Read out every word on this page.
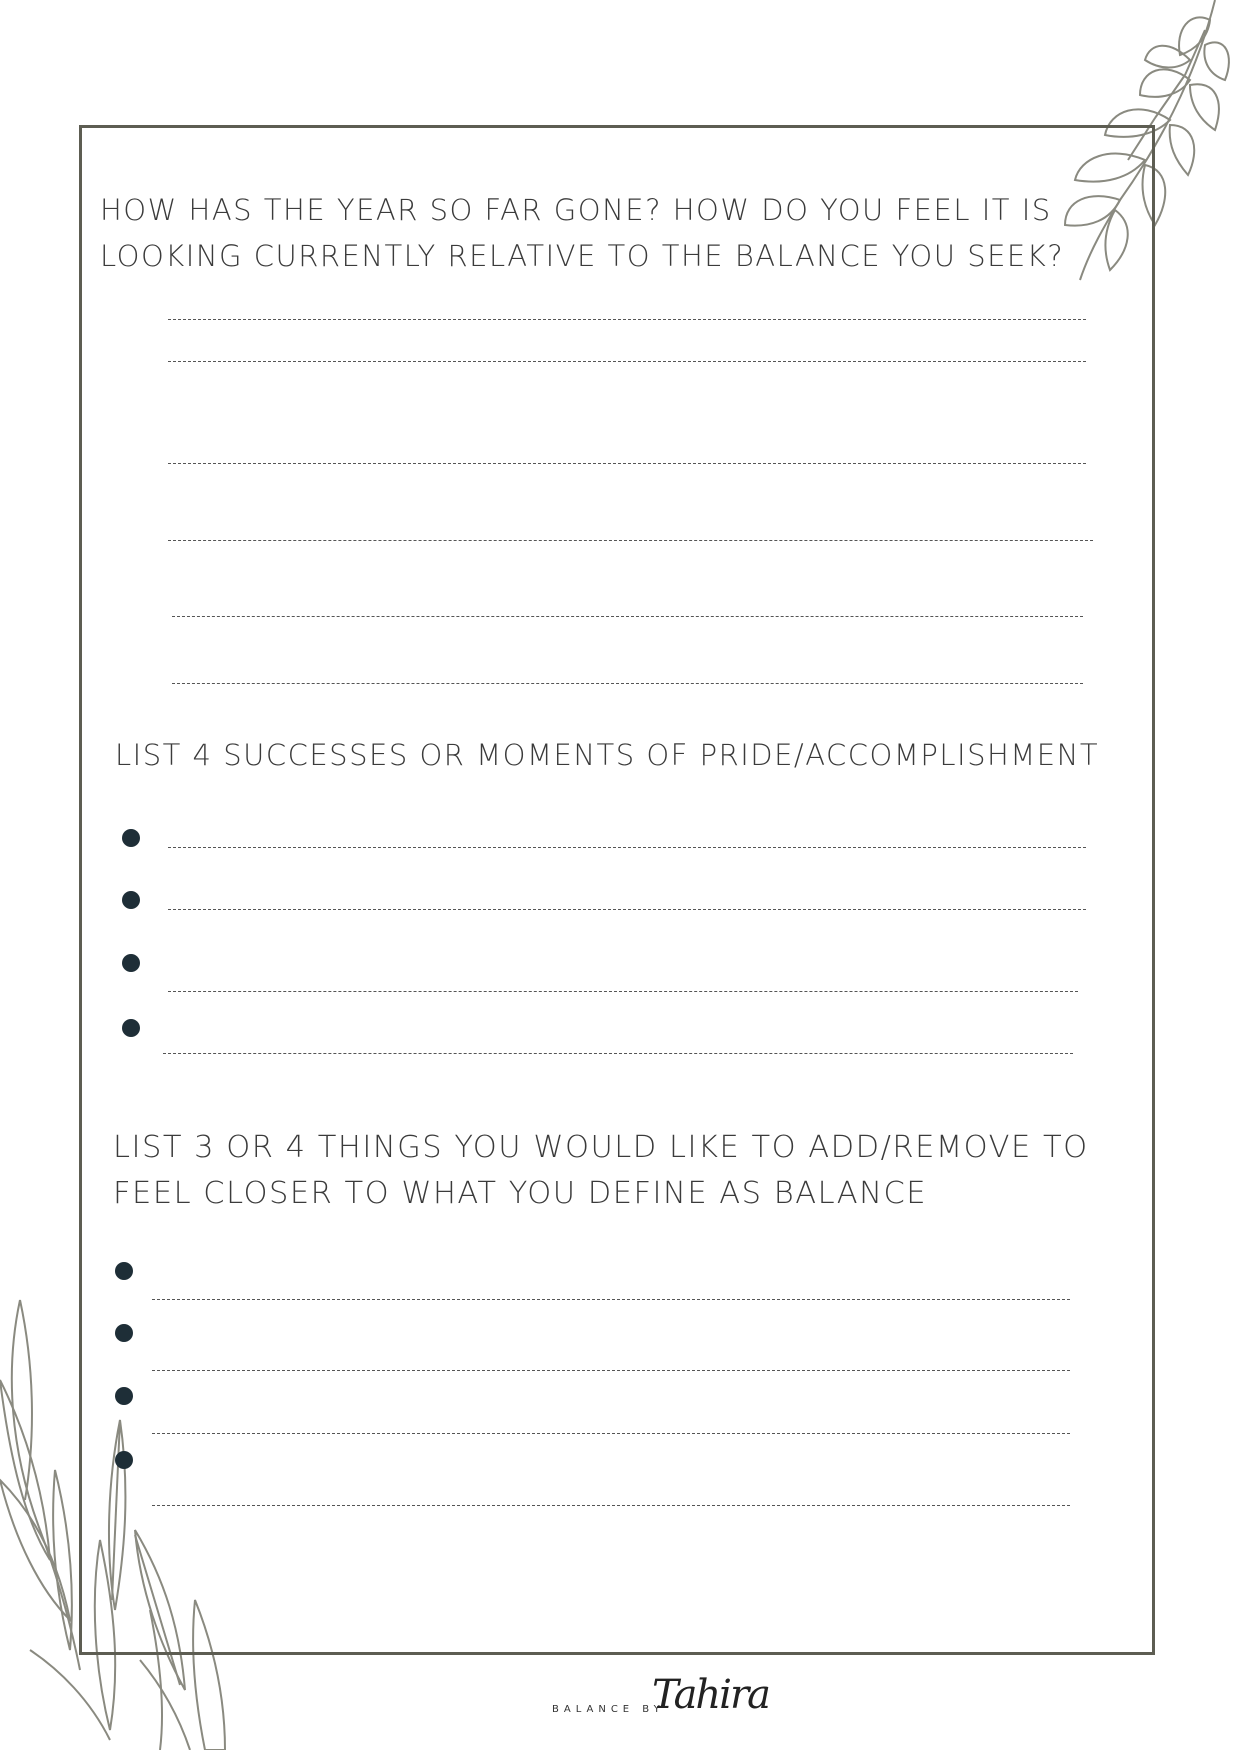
HOW HAS THE YEAR SO FAR GONE? HOW DO YOU FEEL IT IS
LOOKING CURRENTLY RELATIVE TO THE BALANCE YOU SEEK?

LIST 4 SUCCESSES OR MOMENTS OF PRIDE/ACCOMPLISHMENT

LIST 3 OR 4 THINGS YOU WOULD LIKE TO ADD/REMOVE TO
FEEL CLOSER TO WHAT YOU DEFINE AS BALANCE

BALANCE BY
Tahira
